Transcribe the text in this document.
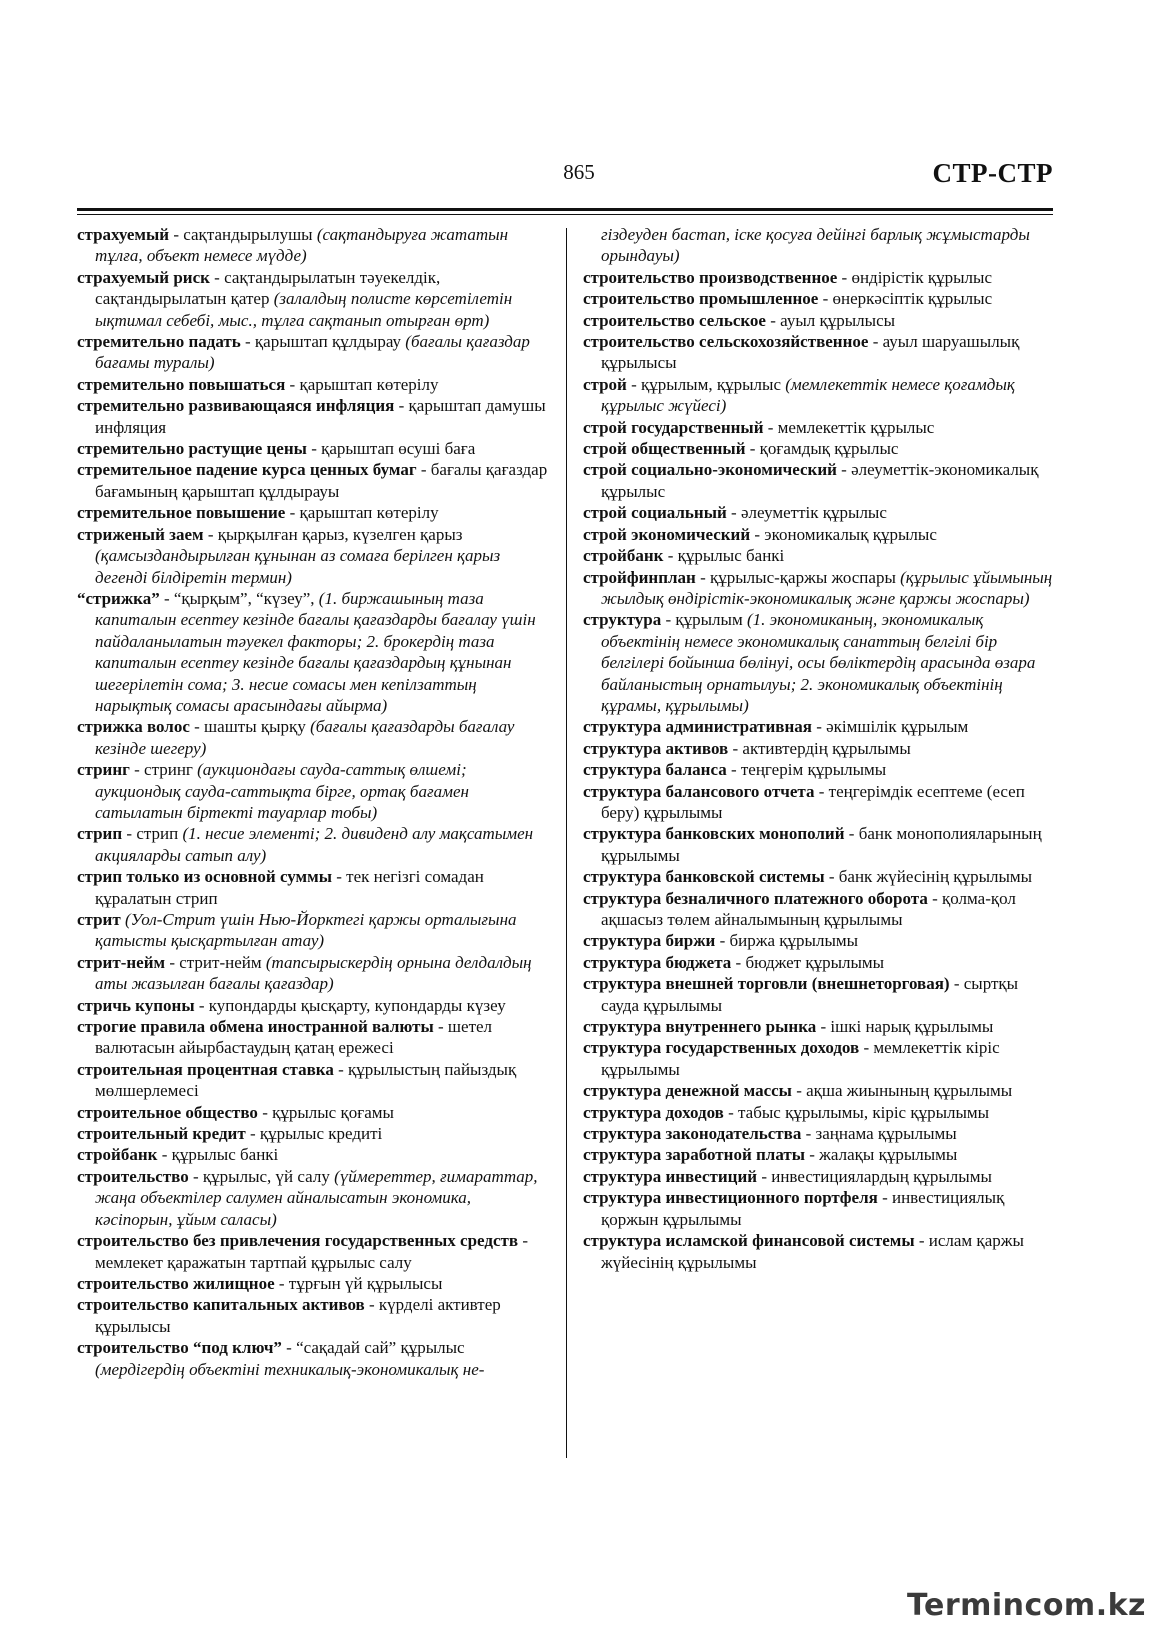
865	СТР-СТР

страхуемый - сақтандырылушы (сақтандыруға жататын тұлға, объект немесе мүдде)

страхуемый риск - сақтандырылатын тәуекелдік, сақтандырылатын қатер (залалдың полисте көрсетілетін ықтимал себебі, мыс., тұлға сақтанып отырған өрт)

стремительно падать - қарыштап құлдырау (бағалы қағаздар бағамы туралы)

стремительно повышаться - қарыштап көтерілу

стремительно развивающаяся инфляция - қарыштап дамушы инфляция

стремительно растущие цены - қарыштап өсуші баға

стремительное падение курса ценных бумаг - бағалы қағаздар бағамының қарыштап құлдырауы

стремительное повышение - қарыштап көтерілу

стриженый заем - қырқылған қарыз, күзелген қарыз (қамсыздандырылған құнынан аз сомаға берілген қарыз дегенді білдіретін термин)

“стрижка” - “қырқым”, “күзеу”, (1. биржашының таза капиталын есептеу кезінде бағалы қағаздарды бағалау үшін пайдаланылатын тәуекел факторы; 2. брокердің таза капиталын есептеу кезінде бағалы қағаздардың құнынан шегерілетін сома; 3. несие сомасы мен кепілзаттың нарықтық сомасы арасындағы айырма)

стрижка волос - шашты қырқу (бағалы қағаздарды бағалау кезінде шегеру)

стринг - стринг (аукциондағы сауда-саттық өлшемі; аукциондық сауда-саттықта бірге, ортақ бағамен сатылатын біртекті тауарлар тобы)

стрип - стрип (1. несие элементі; 2. дивиденд алу мақсатымен акцияларды сатып алу)

стрип только из основной суммы - тек негізгі сомадан құралатын стрип

стрит (Уол-Стрит үшін Нью-Йорктегі қаржы орталығына қатысты қысқартылған атау)

стрит-нейм - стрит-нейм (тапсырыскердің орнына делдалдың аты жазылған бағалы қағаздар)

стричь купоны - купондарды қысқарту, купондарды күзеу

строгие правила обмена иностранной валюты - шетел валютасын айырбастаудың қатаң ережесі

строительная процентная ставка - құрылыстың пайыздық мөлшерлемесі

строительное общество - құрылыс қоғамы

строительный кредит - құрылыс кредиті

стройбанк - құрылыс банкі

строительство - құрылыс, үй салу (үймереттер, ғимараттар, жаңа объектілер салумен айналысатын экономика, кәсіпорын, ұйым саласы)

строительство без привлечения государственных средств - мемлекет қаражатын тартпай құрылыс салу

строительство жилищное - тұрғын үй құрылысы

строительство капитальных активов - күрделі активтер құрылысы

строительство “под ключ” - “сақадай сай” құрылыс (мердігердің объектіні техникалық-экономикалық не-

гіздеуден бастап, іске қосуға дейінгі барлық жұмыстарды орындауы)

строительство производственное - өндірістік құрылыс

строительство промышленное - өнеркәсіптік құрылыс

строительство сельское - ауыл құрылысы

строительство сельскохозяйственное - ауыл шаруашылық құрылысы

строй - құрылым, құрылыс (мемлекеттік немесе қоғамдық құрылыс жүйесі)

строй государственный - мемлекеттік құрылыс

строй общественный - қоғамдық құрылыс

строй социально-экономический - әлеуметтік-экономикалық құрылыс

строй социальный - әлеуметтік құрылыс

строй экономический - экономикалық құрылыс

стройбанк - құрылыс банкі

стройфинплан - құрылыс-қаржы жоспары (құрылыс ұйымының жылдық өндірістік-экономикалық және қаржы жоспары)

структура - құрылым (1. экономиканың, экономикалық объектінің немесе экономикалық санаттың белгілі бір белгілері бойынша бөлінуі, осы бөліктердің арасында өзара байланыстың орнатылуы; 2. экономикалық объектінің құрамы, құрылымы)

структура административная - әкімшілік құрылым

структура активов - активтердің құрылымы

структура баланса - теңгерім құрылымы

структура балансового отчета - теңгерімдік есептеме (есеп беру) құрылымы

структура банковских монополий - банк монополияларының құрылымы

структура банковской системы - банк жүйесінің құрылымы

структура безналичного платежного оборота - қолма-қол ақшасыз төлем айналымының құрылымы

структура биржи - биржа құрылымы

структура бюджета - бюджет құрылымы

структура внешней торговли (внешнеторговая) - сыртқы сауда құрылымы

структура внутреннего рынка - ішкі нарық құрылымы

структура государственных доходов - мемлекеттік кіріс құрылымы

структура денежной массы - ақша жиынының құрылымы

структура доходов - табыс құрылымы, кіріс құрылымы

структура законодательства - заңнама құрылымы

структура заработной платы - жалақы құрылымы

структура инвестиций - инвестициялардың құрылымы

структура инвестиционного портфеля - инвестициялық қоржын құрылымы

структура исламской финансовой системы - ислам қаржы жүйесінің құрылымы

Termincom.kz
